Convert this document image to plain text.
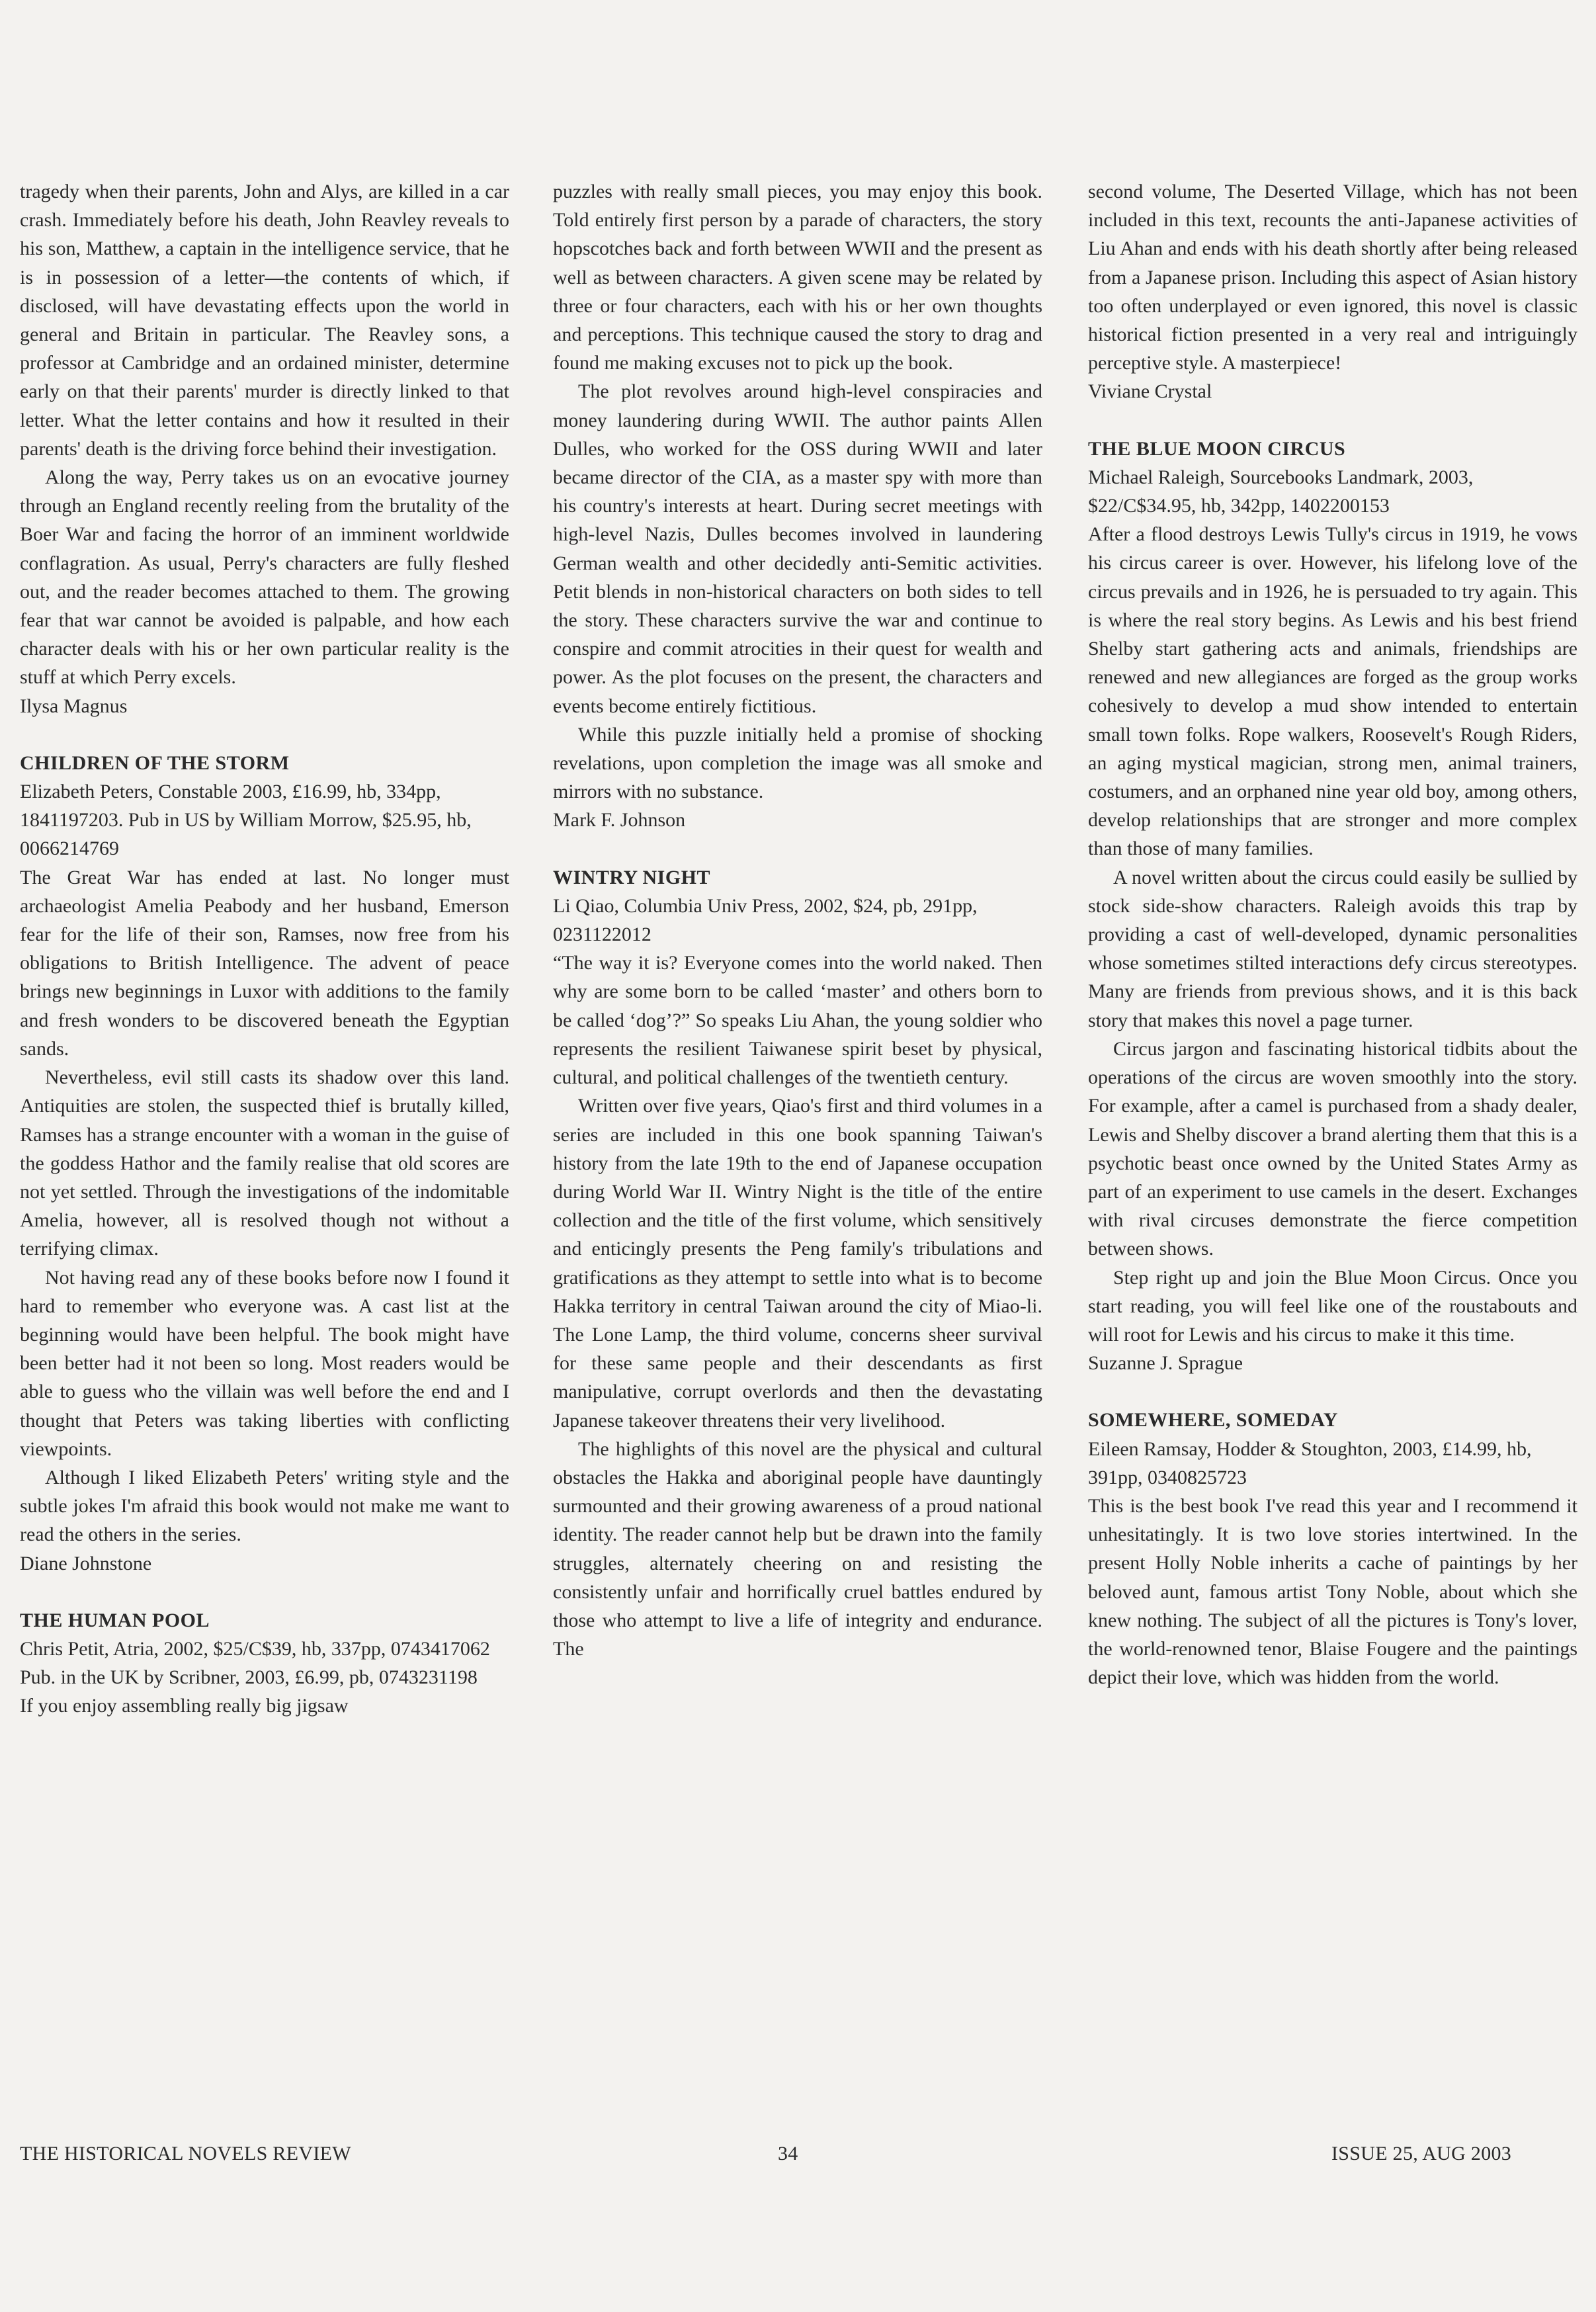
tragedy when their parents, John and Alys, are killed in a car crash. Immediately before his death, John Reavley reveals to his son, Matthew, a captain in the intelligence service, that he is in possession of a letter—the contents of which, if disclosed, will have devastating effects upon the world in general and Britain in particular. The Reavley sons, a professor at Cambridge and an ordained minister, determine early on that their parents' murder is directly linked to that letter. What the letter contains and how it resulted in their parents' death is the driving force behind their investigation.

Along the way, Perry takes us on an evocative journey through an England recently reeling from the brutality of the Boer War and facing the horror of an imminent worldwide conflagration. As usual, Perry's characters are fully fleshed out, and the reader becomes attached to them. The growing fear that war cannot be avoided is palpable, and how each character deals with his or her own particular reality is the stuff at which Perry excels.

Ilysa Magnus

CHILDREN OF THE STORM

Elizabeth Peters, Constable 2003, £16.99, hb, 334pp, 1841197203. Pub in US by William Morrow, $25.95, hb, 0066214769

The Great War has ended at last. No longer must archaeologist Amelia Peabody and her husband, Emerson fear for the life of their son, Ramses, now free from his obligations to British Intelligence. The advent of peace brings new beginnings in Luxor with additions to the family and fresh wonders to be discovered beneath the Egyptian sands.

Nevertheless, evil still casts its shadow over this land. Antiquities are stolen, the suspected thief is brutally killed, Ramses has a strange encounter with a woman in the guise of the goddess Hathor and the family realise that old scores are not yet settled. Through the investigations of the indomitable Amelia, however, all is resolved though not without a terrifying climax.

Not having read any of these books before now I found it hard to remember who everyone was. A cast list at the beginning would have been helpful. The book might have been better had it not been so long. Most readers would be able to guess who the villain was well before the end and I thought that Peters was taking liberties with conflicting viewpoints.

Although I liked Elizabeth Peters' writing style and the subtle jokes I'm afraid this book would not make me want to read the others in the series.

Diane Johnstone

THE HUMAN POOL

Chris Petit, Atria, 2002, $25/C$39, hb, 337pp, 0743417062

Pub. in the UK by Scribner, 2003, £6.99, pb, 0743231198

If you enjoy assembling really big jigsaw

puzzles with really small pieces, you may enjoy this book. Told entirely first person by a parade of characters, the story hopscotches back and forth between WWII and the present as well as between characters. A given scene may be related by three or four characters, each with his or her own thoughts and perceptions. This technique caused the story to drag and found me making excuses not to pick up the book.

The plot revolves around high-level conspiracies and money laundering during WWII. The author paints Allen Dulles, who worked for the OSS during WWII and later became director of the CIA, as a master spy with more than his country's interests at heart. During secret meetings with high-level Nazis, Dulles becomes involved in laundering German wealth and other decidedly anti-Semitic activities. Petit blends in non-historical characters on both sides to tell the story. These characters survive the war and continue to conspire and commit atrocities in their quest for wealth and power. As the plot focuses on the present, the characters and events become entirely fictitious.

While this puzzle initially held a promise of shocking revelations, upon completion the image was all smoke and mirrors with no substance.

Mark F. Johnson

WINTRY NIGHT

Li Qiao, Columbia Univ Press, 2002, $24, pb, 291pp, 0231122012

“The way it is? Everyone comes into the world naked. Then why are some born to be called ‘master’ and others born to be called ‘dog’?” So speaks Liu Ahan, the young soldier who represents the resilient Taiwanese spirit beset by physical, cultural, and political challenges of the twentieth century.

Written over five years, Qiao's first and third volumes in a series are included in this one book spanning Taiwan's history from the late 19th to the end of Japanese occupation during World War II. Wintry Night is the title of the entire collection and the title of the first volume, which sensitively and enticingly presents the Peng family's tribulations and gratifications as they attempt to settle into what is to become Hakka territory in central Taiwan around the city of Miao-li. The Lone Lamp, the third volume, concerns sheer survival for these same people and their descendants as first manipulative, corrupt overlords and then the devastating Japanese takeover threatens their very livelihood.

The highlights of this novel are the physical and cultural obstacles the Hakka and aboriginal people have dauntingly surmounted and their growing awareness of a proud national identity. The reader cannot help but be drawn into the family struggles, alternately cheering on and resisting the consistently unfair and horrifically cruel battles endured by those who attempt to live a life of integrity and endurance. The

second volume, The Deserted Village, which has not been included in this text, recounts the anti-Japanese activities of Liu Ahan and ends with his death shortly after being released from a Japanese prison. Including this aspect of Asian history too often underplayed or even ignored, this novel is classic historical fiction presented in a very real and intriguingly perceptive style. A masterpiece!

Viviane Crystal

THE BLUE MOON CIRCUS

Michael Raleigh, Sourcebooks Landmark, 2003, $22/C$34.95, hb, 342pp, 1402200153

After a flood destroys Lewis Tully's circus in 1919, he vows his circus career is over. However, his lifelong love of the circus prevails and in 1926, he is persuaded to try again. This is where the real story begins. As Lewis and his best friend Shelby start gathering acts and animals, friendships are renewed and new allegiances are forged as the group works cohesively to develop a mud show intended to entertain small town folks. Rope walkers, Roosevelt's Rough Riders, an aging mystical magician, strong men, animal trainers, costumers, and an orphaned nine year old boy, among others, develop relationships that are stronger and more complex than those of many families.

A novel written about the circus could easily be sullied by stock side-show characters. Raleigh avoids this trap by providing a cast of well-developed, dynamic personalities whose sometimes stilted interactions defy circus stereotypes. Many are friends from previous shows, and it is this back story that makes this novel a page turner.

Circus jargon and fascinating historical tidbits about the operations of the circus are woven smoothly into the story. For example, after a camel is purchased from a shady dealer, Lewis and Shelby discover a brand alerting them that this is a psychotic beast once owned by the United States Army as part of an experiment to use camels in the desert. Exchanges with rival circuses demonstrate the fierce competition between shows.

Step right up and join the Blue Moon Circus. Once you start reading, you will feel like one of the roustabouts and will root for Lewis and his circus to make it this time.

Suzanne J. Sprague

SOMEWHERE, SOMEDAY

Eileen Ramsay, Hodder & Stoughton, 2003, £14.99, hb, 391pp, 0340825723

This is the best book I've read this year and I recommend it unhesitatingly. It is two love stories intertwined. In the present Holly Noble inherits a cache of paintings by her beloved aunt, famous artist Tony Noble, about which she knew nothing. The subject of all the pictures is Tony's lover, the world-renowned tenor, Blaise Fougere and the paintings depict their love, which was hidden from the world.

THE HISTORICAL NOVELS REVIEW	34	ISSUE 25, AUG 2003
